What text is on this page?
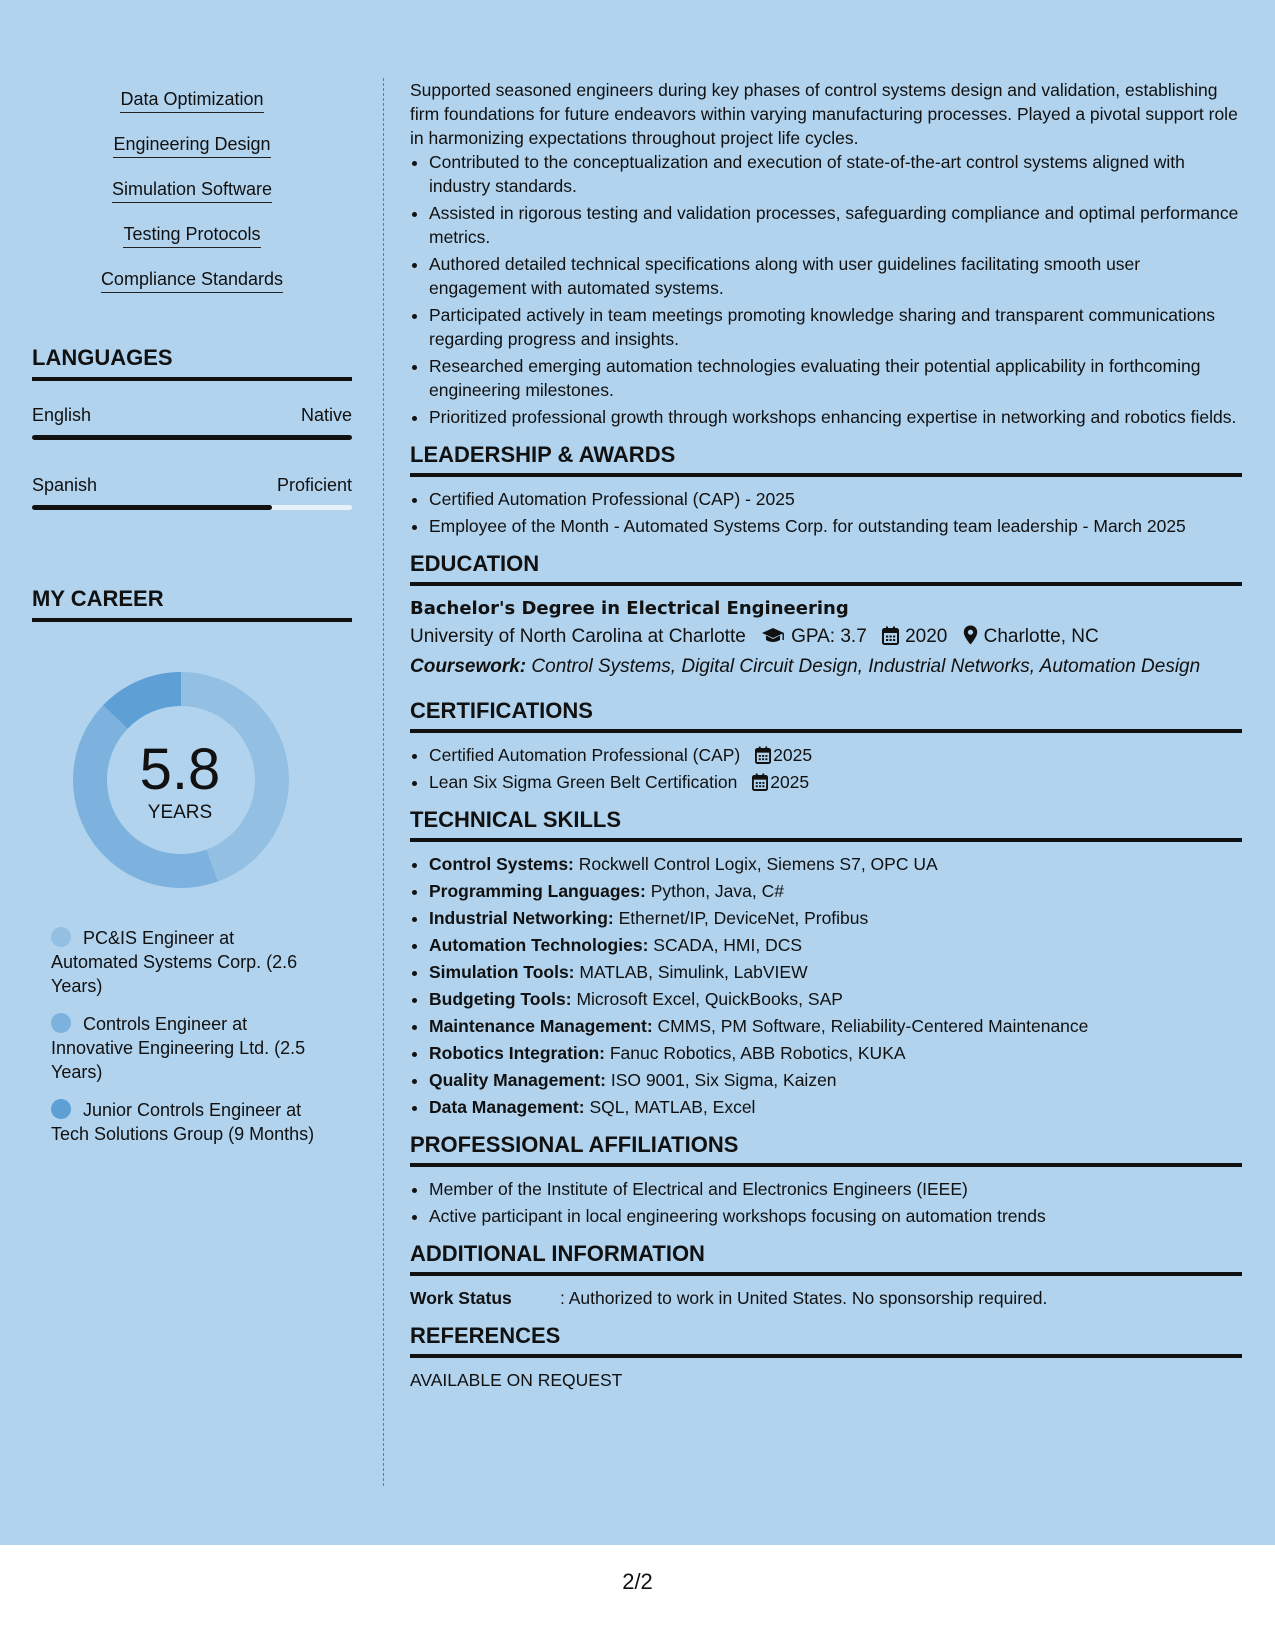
Data Optimization
Engineering Design
Simulation Software
Testing Protocols
Compliance Standards
LANGUAGES
English	Native
Spanish	Proficient
MY CAREER
5.8
YEARS
PC&IS Engineer at Automated Systems Corp. (2.6 Years)
Controls Engineer at Innovative Engineering Ltd. (2.5 Years)
Junior Controls Engineer at Tech Solutions Group (9 Months)

Supported seasoned engineers during key phases of control systems design and validation, establishing firm foundations for future endeavors within varying manufacturing processes. Played a pivotal support role in harmonizing expectations throughout project life cycles.

• Contributed to the conceptualization and execution of state-of-the-art control systems aligned with industry standards.
• Assisted in rigorous testing and validation processes, safeguarding compliance and optimal performance metrics.
• Authored detailed technical specifications along with user guidelines facilitating smooth user engagement with automated systems.
• Participated actively in team meetings promoting knowledge sharing and transparent communications regarding progress and insights.
• Researched emerging automation technologies evaluating their potential applicability in forthcoming engineering milestones.
• Prioritized professional growth through workshops enhancing expertise in networking and robotics fields.
LEADERSHIP & AWARDS
• Certified Automation Professional (CAP) - 2025
• Employee of the Month - Automated Systems Corp. for outstanding team leadership - March 2025
EDUCATION
Bachelor's Degree in Electrical Engineering
University of North Carolina at Charlotte GPA: 3.7 2020 Charlotte, NC
Coursework: Control Systems, Digital Circuit Design, Industrial Networks, Automation Design
CERTIFICATIONS
• Certified Automation Professional (CAP) 2025
• Lean Six Sigma Green Belt Certification 2025
TECHNICAL SKILLS
• Control Systems: Rockwell Control Logix, Siemens S7, OPC UA
• Programming Languages: Python, Java, C#
• Industrial Networking: Ethernet/IP, DeviceNet, Profibus
• Automation Technologies: SCADA, HMI, DCS
• Simulation Tools: MATLAB, Simulink, LabVIEW
• Budgeting Tools: Microsoft Excel, QuickBooks, SAP
• Maintenance Management: CMMS, PM Software, Reliability-Centered Maintenance
• Robotics Integration: Fanuc Robotics, ABB Robotics, KUKA
• Quality Management: ISO 9001, Six Sigma, Kaizen
• Data Management: SQL, MATLAB, Excel
PROFESSIONAL AFFILIATIONS
• Member of the Institute of Electrical and Electronics Engineers (IEEE)
• Active participant in local engineering workshops focusing on automation trends
ADDITIONAL INFORMATION
Work Status	: Authorized to work in United States. No sponsorship required.
REFERENCES
AVAILABLE ON REQUEST
2/2
